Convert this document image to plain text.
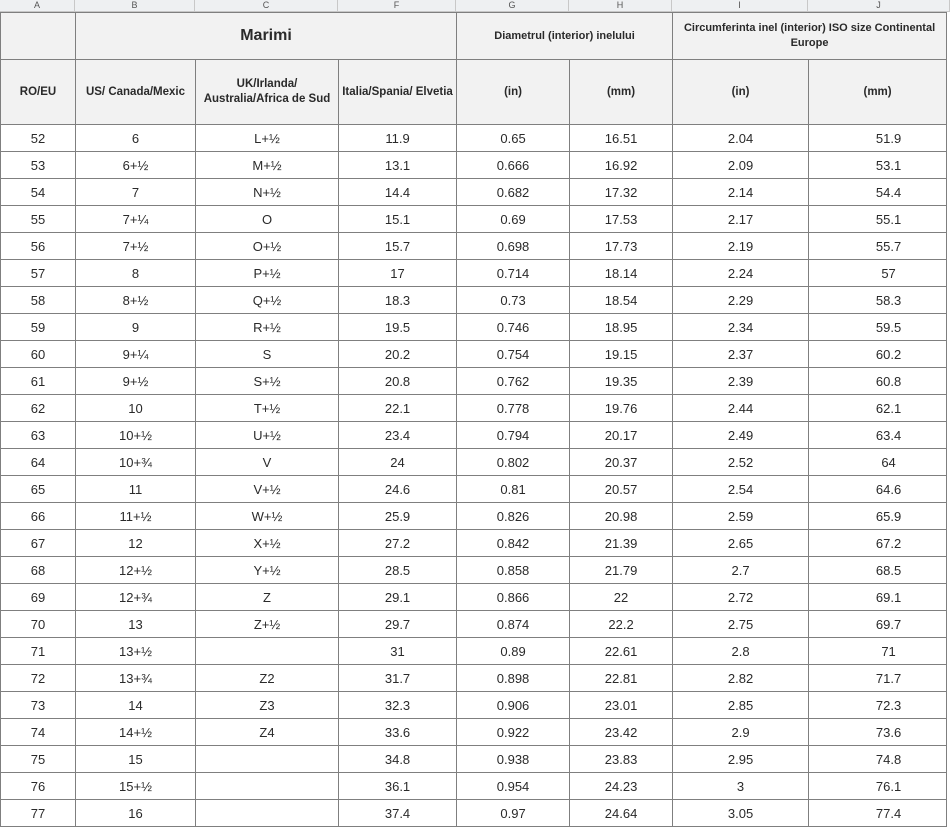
A	B	C	F	G	H	I	J
	Marimi			Diametrul (interior) inelului		Circumferinta inel (interior) ISO size Continental Europe	
RO/EU	US/ Canada/Mexic	UK/Irlanda/ Australia/Africa de Sud	Italia/Spania/ Elvetia	(in)	(mm)	(in)	(mm)
52	6	L+½	11.9	0.65	16.51	2.04	51.9
53	6+½	M+½	13.1	0.666	16.92	2.09	53.1
54	7	N+½	14.4	0.682	17.32	2.14	54.4
55	7+¼	O	15.1	0.69	17.53	2.17	55.1
56	7+½	O+½	15.7	0.698	17.73	2.19	55.7
57	8	P+½	17	0.714	18.14	2.24	57
58	8+½	Q+½	18.3	0.73	18.54	2.29	58.3
59	9	R+½	19.5	0.746	18.95	2.34	59.5
60	9+¼	S	20.2	0.754	19.15	2.37	60.2
61	9+½	S+½	20.8	0.762	19.35	2.39	60.8
62	10	T+½	22.1	0.778	19.76	2.44	62.1
63	10+½	U+½	23.4	0.794	20.17	2.49	63.4
64	10+¾	V	24	0.802	20.37	2.52	64
65	11	V+½	24.6	0.81	20.57	2.54	64.6
66	11+½	W+½	25.9	0.826	20.98	2.59	65.9
67	12	X+½	27.2	0.842	21.39	2.65	67.2
68	12+½	Y+½	28.5	0.858	21.79	2.7	68.5
69	12+¾	Z	29.1	0.866	22	2.72	69.1
70	13	Z+½	29.7	0.874	22.2	2.75	69.7
71	13+½		31	0.89	22.61	2.8	71
72	13+¾	Z2	31.7	0.898	22.81	2.82	71.7
73	14	Z3	32.3	0.906	23.01	2.85	72.3
74	14+½	Z4	33.6	0.922	23.42	2.9	73.6
75	15		34.8	0.938	23.83	2.95	74.8
76	15+½		36.1	0.954	24.23	3	76.1
77	16		37.4	0.97	24.64	3.05	77.4
